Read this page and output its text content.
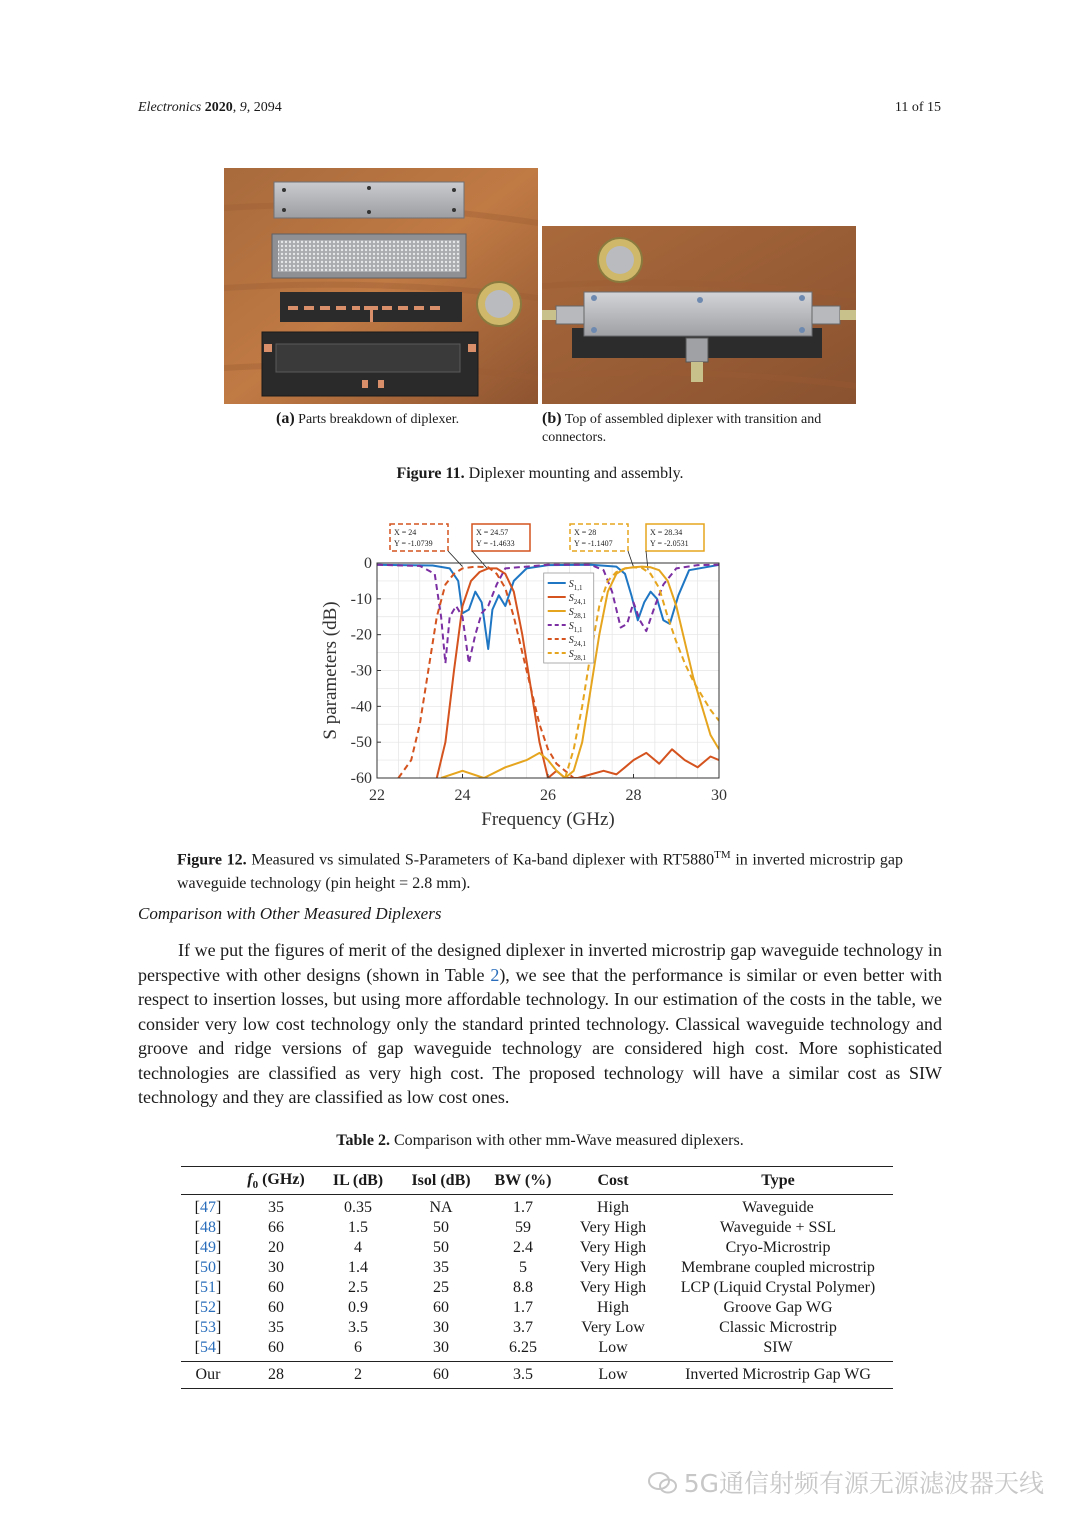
Electronics 2020, 9, 2094	11 of 15
(a) Parts breakdown of diplexer.	(b) Top of assembled diplexer with transition and connectors.
Figure 11. Diplexer mounting and assembly.
X = 24
Y = -1.0739
X = 24.57
Y = -1.4633
X = 28
Y = -1.1407
X = 28.34
Y = -2.0531
22	24	26	28	30
0
-10
-20
-30
-40
-50
-60
$S_{1,1}$
$S_{24,1}$
$S_{28,1}$
$S_{1,1}$
$S_{24,1}$
$S_{28,1}$
Frequency (GHz)
S parameters (dB)
Figure 12. Measured vs simulated S-Parameters of Ka-band diplexer with RT5880™ in inverted microstrip gap waveguide technology (pin height = 2.8 mm).
Comparison with Other Measured Diplexers
If we put the figures of merit of the designed diplexer in inverted microstrip gap waveguide technology in perspective with other designs (shown in Table 2), we see that the performance is similar or even better with respect to insertion losses, but using more affordable technology. In our estimation of the costs in the table, we consider very low cost technology only the standard printed technology. Classical waveguide technology and groove and ridge versions of gap waveguide technology are considered high cost. More sophisticated technologies are classified as very high cost. The proposed technology will have a similar cost as SIW technology and they are classified as low cost ones.
Table 2. Comparison with other mm-Wave measured diplexers.
	$f_0$ (GHz)	IL (dB)	Isol (dB)	BW (%)	Cost	Type
[47]	35	0.35	NA	1.7	High	Waveguide
[48]	66	1.5	50	59	Very High	Waveguide + SSL
[49]	20	4	50	2.4	Very High	Cryo-Microstrip
[50]	30	1.4	35	5	Very High	Membrane coupled microstrip
[51]	60	2.5	25	8.8	Very High	LCP (Liquid Crystal Polymer)
[52]	60	0.9	60	1.7	High	Groove Gap WG
[53]	35	3.5	30	3.7	Very Low	Classic Microstrip
[54]	60	6	30	6.25	Low	SIW
Our	28	2	60	3.5	Low	Inverted Microstrip Gap WG
5G通信射频有源无源滤波器天线
